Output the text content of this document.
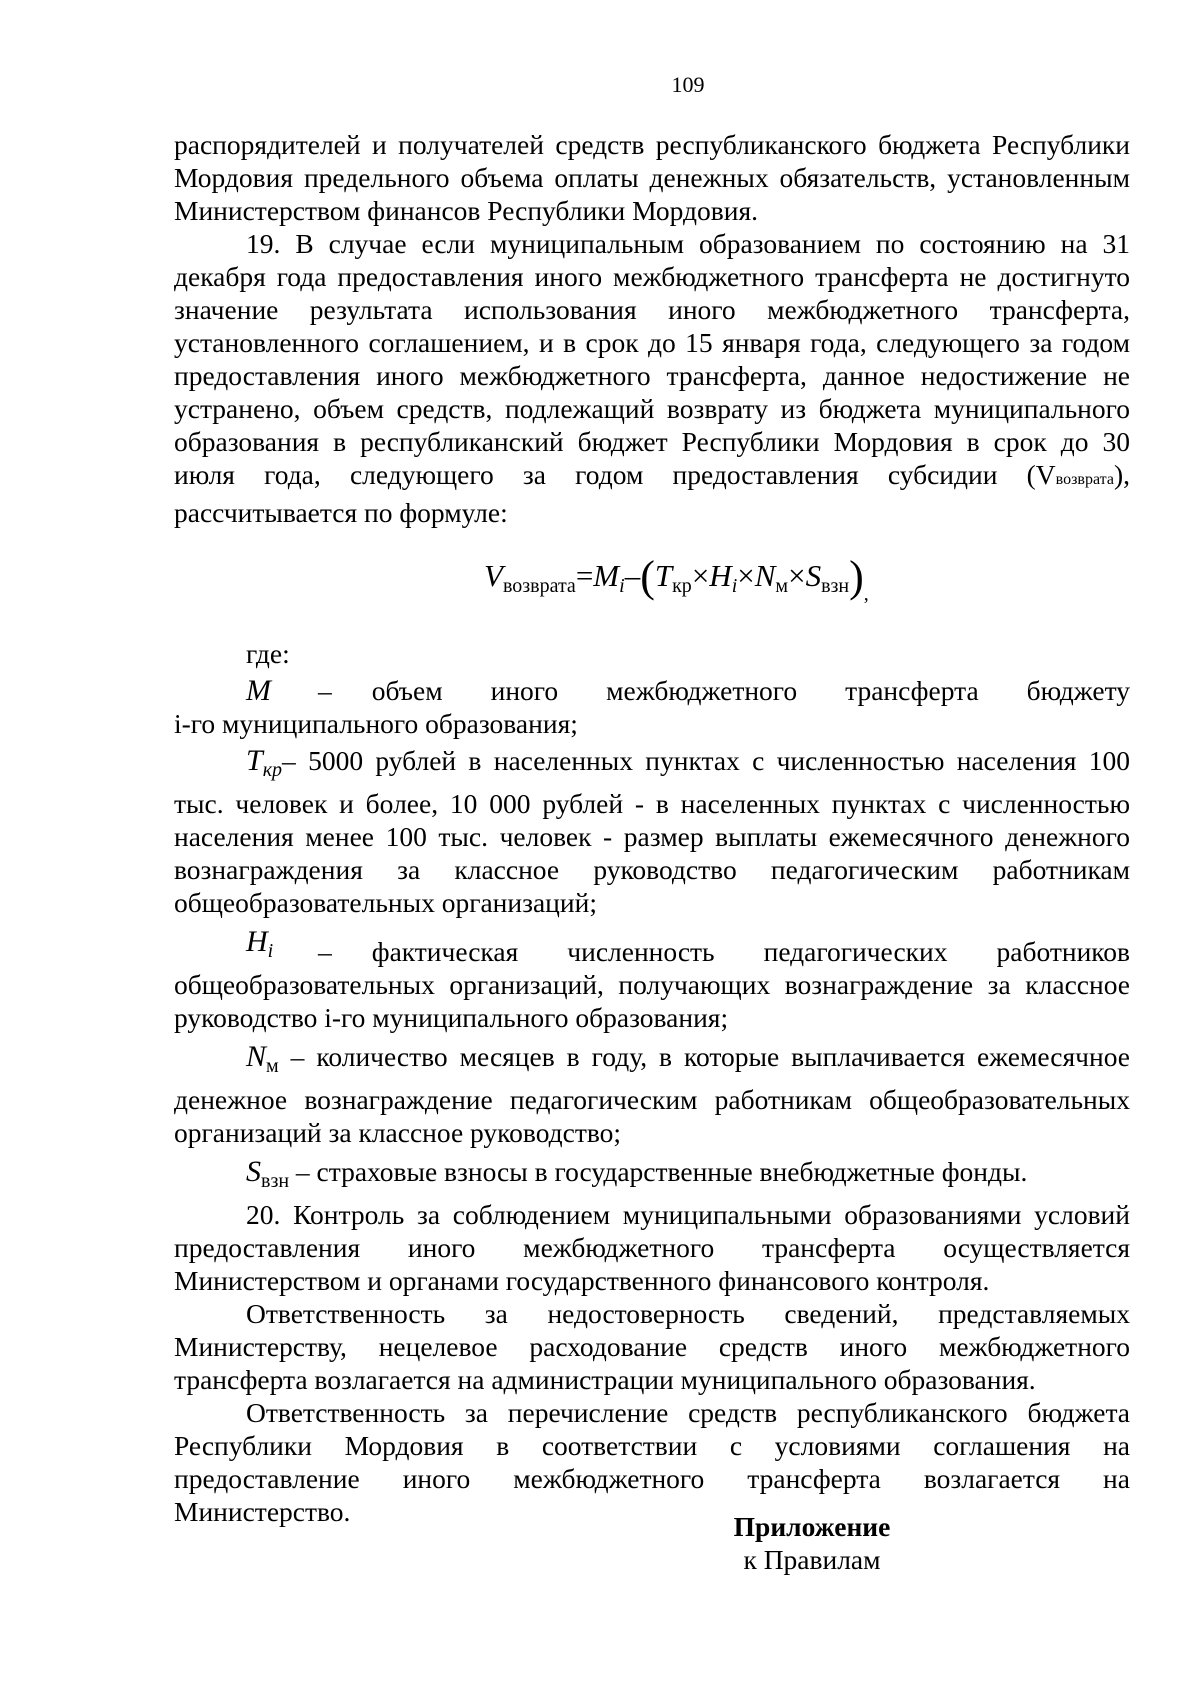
109

распорядителей и получателей средств республиканского бюджета Республики Мордовия предельного объема оплаты денежных обязательств, установленным Министерством финансов Республики Мордовия.

19. В случае если муниципальным образованием по состоянию на 31 декабря года предоставления иного межбюджетного трансферта не достигнуто значение результата использования иного межбюджетного трансферта, установленного соглашением, и в срок до 15 января года, следующего за годом предоставления иного межбюджетного трансферта, данное недостижение не устранено, объем средств, подлежащий возврату из бюджета муниципального образования в республиканский бюджет Республики Мордовия в срок до 30 июля года, следующего за годом предоставления субсидии (Vвозврата), рассчитывается по формуле:

$V_{возврата}=Mi-(T_{кр}\times Hi\times N_м\times S_{взн})_,$

где:

M	– объем иного межбюджетного трансферта бюджету

i-го муниципального образования;

$T_{кр}-$ 5000 рублей в населенных пунктах с численностью населения 100 тыс. человек и более, 10 000 рублей - в населенных пунктах с численностью населения менее 100 тыс. человек - размер выплаты ежемесячного денежного вознаграждения за классное руководство педагогическим работникам общеобразовательных организаций;

$H_i$	– фактическая численность педагогических работников

общеобразовательных организаций, получающих вознаграждение за классное руководство i-го муниципального образования;

$N_м$ – количество месяцев в году, в которые выплачивается ежемесячное денежное вознаграждение педагогическим работникам общеобразовательных организаций за классное руководство;

$S_{взн}$ – страховые взносы в государственные внебюджетные фонды.

20. Контроль за соблюдением муниципальными образованиями условий предоставления иного межбюджетного трансферта осуществляется Министерством и органами государственного финансового контроля.

Ответственность за недостоверность сведений, представляемых Министерству, нецелевое расходование средств иного межбюджетного трансферта возлагается на администрации муниципального образования.

Ответственность за перечисление средств республиканского бюджета Республики Мордовия в соответствии с условиями соглашения на предоставление иного межбюджетного трансферта возлагается на Министерство.	Приложение
к Правилам
